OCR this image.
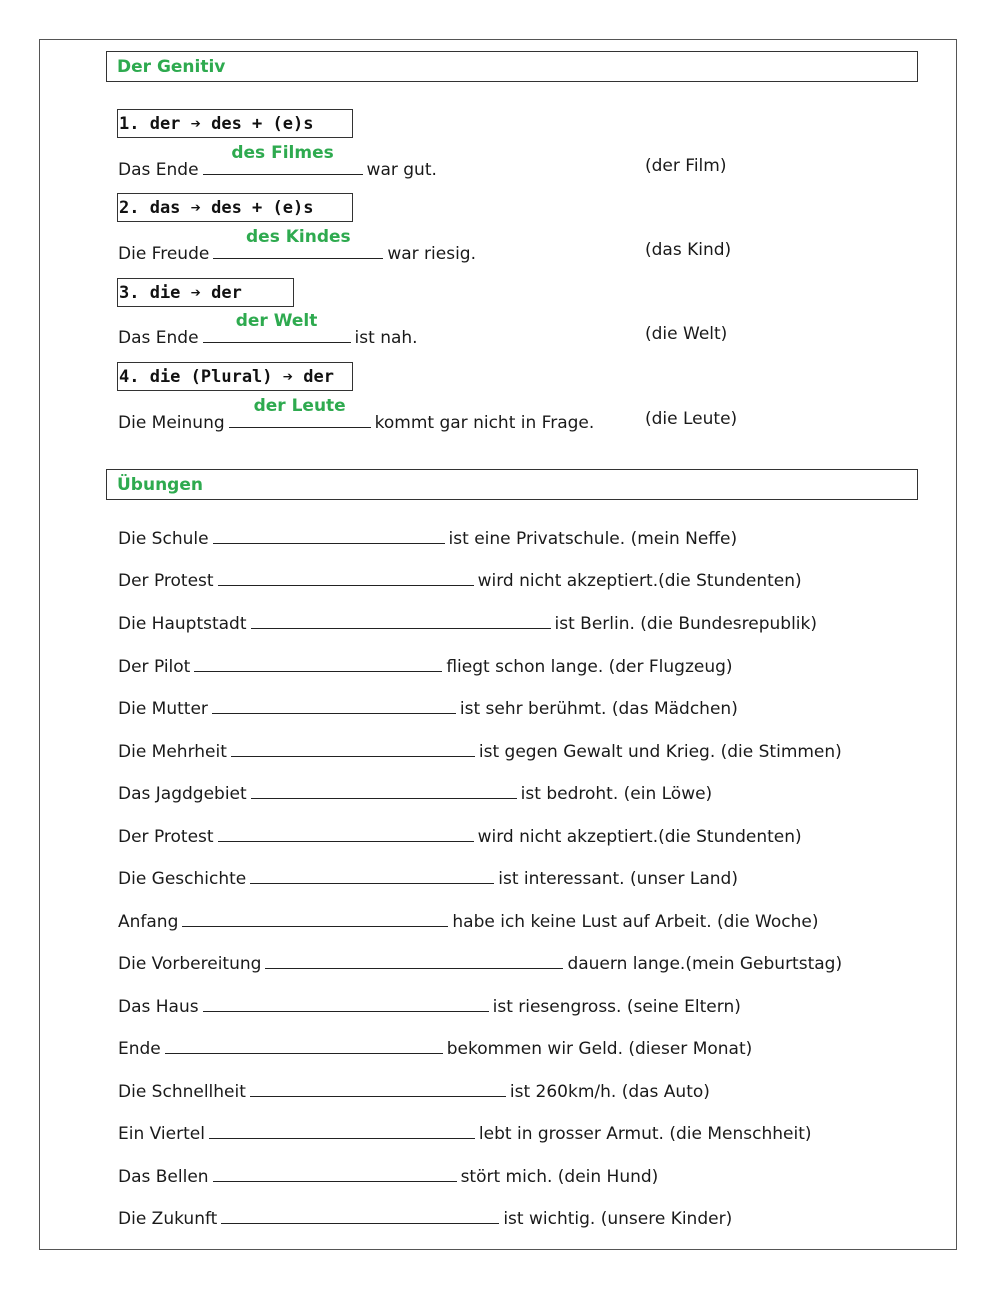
Der Genitiv
1. der ➔ des + (e)s
Das Ende
des Filmes
war gut.	(der Film)
2. das ➔ des + (e)s
Die Freude
des Kindes
war riesig.	(das Kind)
3. die ➔ der
Das Ende
der Welt
ist nah.	(die Welt)
4. die (Plural) ➔ der
Die Meinung
der Leute
kommt gar nicht in Frage.	(die Leute)
Übungen
Die Schule	ist eine Privatschule. (mein Neffe)
Der Protest	wird nicht akzeptiert.(die Stundenten)
Die Hauptstadt	ist Berlin. (die Bundesrepublik)
Der Pilot	fliegt schon lange. (der Flugzeug)
Die Mutter	ist sehr berühmt. (das Mädchen)
Die Mehrheit	ist gegen Gewalt und Krieg. (die Stimmen)
Das Jagdgebiet	ist bedroht. (ein Löwe)
Der Protest	wird nicht akzeptiert.(die Stundenten)
Die Geschichte	ist interessant. (unser Land)
Anfang	habe ich keine Lust auf Arbeit. (die Woche)
Die Vorbereitung	dauern lange.(mein Geburtstag)
Das Haus	ist riesengross. (seine Eltern)
Ende	bekommen wir Geld. (dieser Monat)
Die Schnellheit	ist 260km/h. (das Auto)
Ein Viertel	lebt in grosser Armut. (die Menschheit)
Das Bellen	stört mich. (dein Hund)
Die Zukunft	ist wichtig. (unsere Kinder)
